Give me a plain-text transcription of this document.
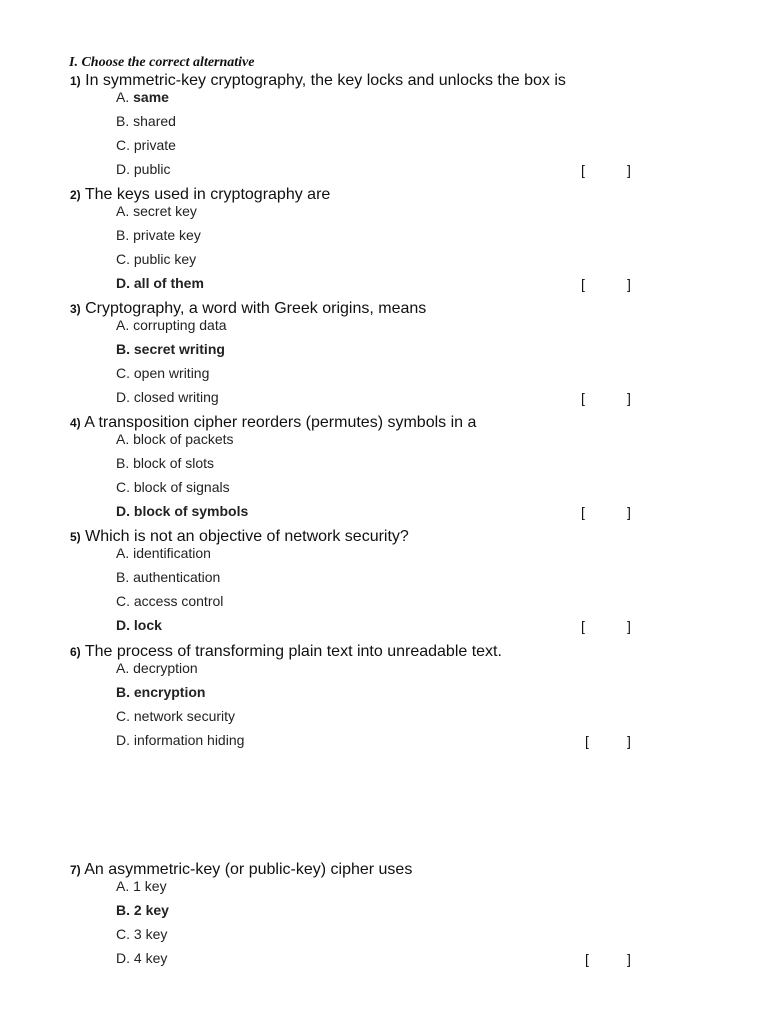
I. Choose the correct alternative
1) In symmetric-key cryptography, the key locks and unlocks the box is
A. same
B. shared
C. private
D. public	[	]
2) The keys used in cryptography are
A. secret key
B. private key
C. public key
D. all of them	[	]
3) Cryptography, a word with Greek origins, means
A. corrupting data
B. secret writing
C. open writing
D. closed writing	[	]
4) A transposition cipher reorders (permutes) symbols in a
A. block of packets
B. block of slots
C. block of signals
D. block of symbols	[	]
5) Which is not an objective of network security?
A. identification
B. authentication
C. access control
D. lock	[	]
6) The process of transforming plain text into unreadable text.
A. decryption
B. encryption
C. network security
D. information hiding	[	]
7) An asymmetric-key (or public-key) cipher uses
A. 1 key
B. 2 key
C. 3 key
D. 4 key	[	]
